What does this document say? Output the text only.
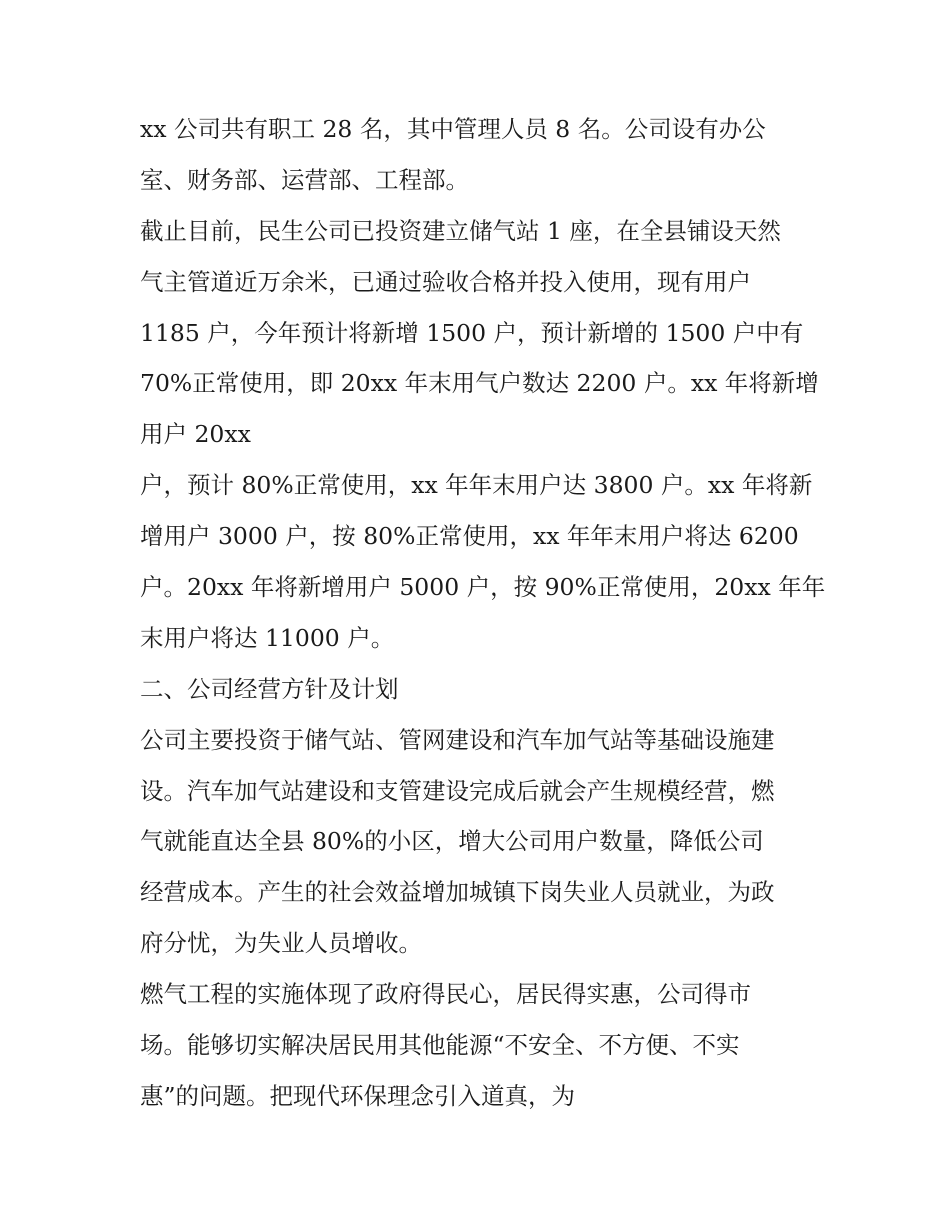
xx 公司共有职工 28 名，其中管理人员 8 名。公司设有办公
室、财务部、运营部、工程部。
截止目前，民生公司已投资建立储气站 1 座，在全县铺设天然
气主管道近万余米，已通过验收合格并投入使用，现有用户
1185 户，今年预计将新增 1500 户，预计新增的 1500 户中有
70%正常使用，即 20xx 年末用气户数达 2200 户。xx 年将新增
用户 20xx
户，预计 80%正常使用，xx 年年末用户达 3800 户。xx 年将新
增用户 3000 户，按 80%正常使用，xx 年年末用户将达 6200
户。20xx 年将新增用户 5000 户，按 90%正常使用，20xx 年年
末用户将达 11000 户。
二、公司经营方针及计划
公司主要投资于储气站、管网建设和汽车加气站等基础设施建
设。汽车加气站建设和支管建设完成后就会产生规模经营，燃
气就能直达全县 80%的小区，增大公司用户数量，降低公司
经营成本。产生的社会效益增加城镇下岗失业人员就业，为政
府分忧，为失业人员增收。
燃气工程的实施体现了政府得民心，居民得实惠，公司得市
场。能够切实解决居民用其他能源“不安全、不方便、不实
惠”的问题。把现代环保理念引入道真，为
